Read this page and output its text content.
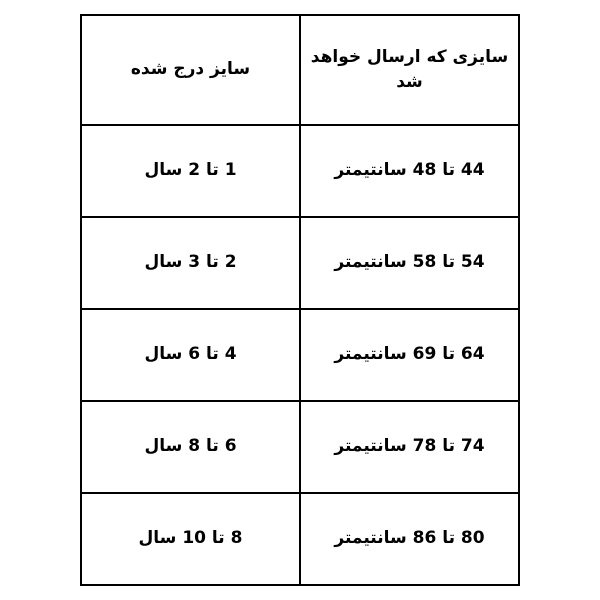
سایزی که ارسال خواهد شد	سایز درج شده

44 تا 48 سانتیمتر	1 تا 2 سال

54 تا 58 سانتیمتر	2 تا 3 سال

64 تا 69 سانتیمتر	4 تا 6 سال

74 تا 78 سانتیمتر	6 تا 8 سال

80 تا 86 سانتیمتر	8 تا 10 سال
